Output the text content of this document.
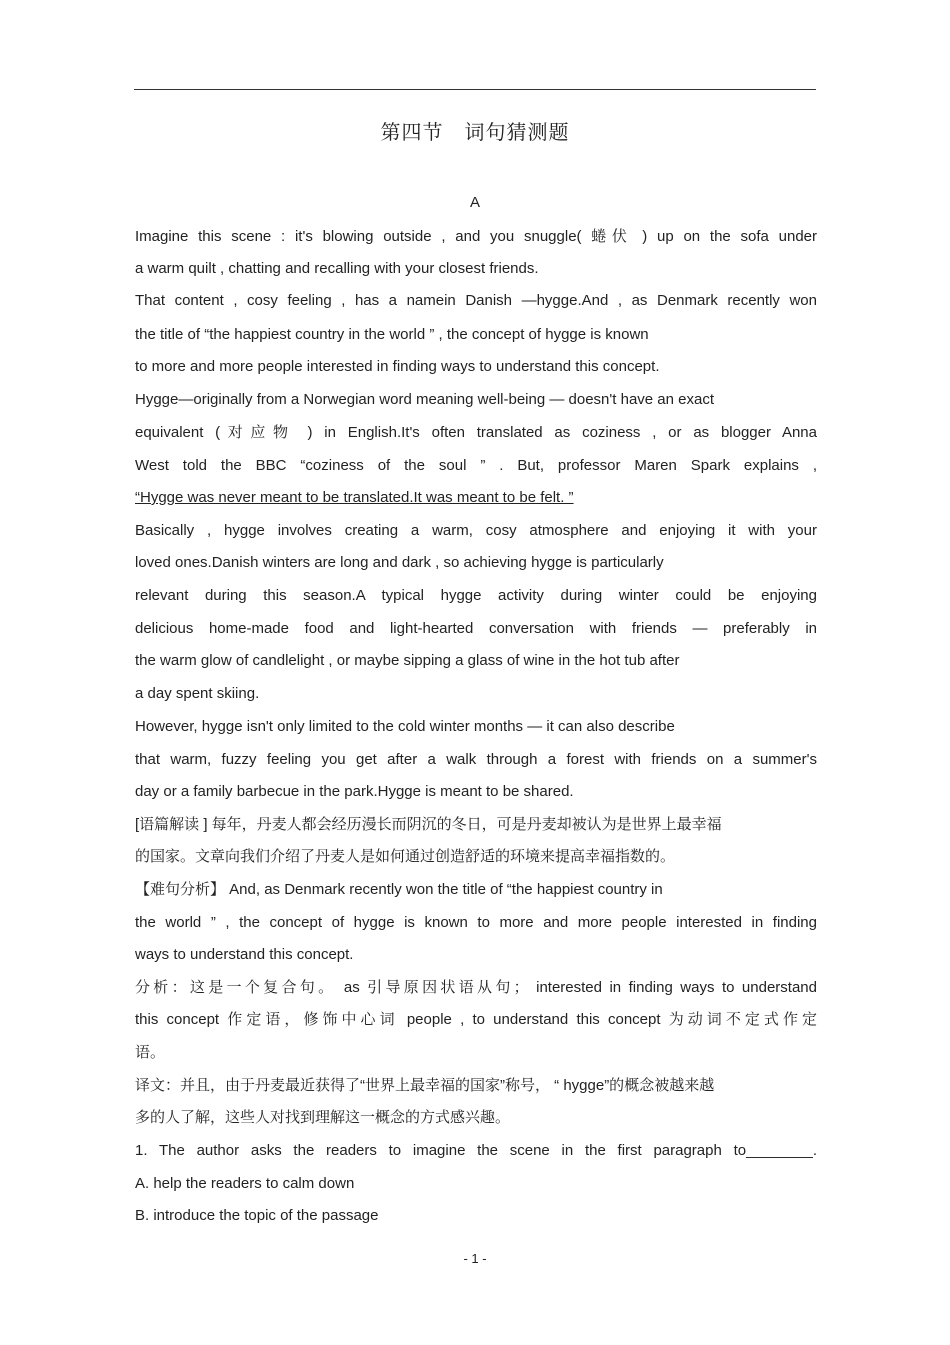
第四节　词句猜测题
A
Imagine this scene : it's blowing outside , and you snuggle( 蜷伏 ) up on the sofa under
a warm quilt , chatting and recalling with your closest friends.
That content , cosy feeling , has a namein Danish —hygge.And , as Denmark recently won
the title of “the happiest country in the world ” , the concept of hygge is known
to more and more people interested in finding ways to understand this concept.
Hygge—originally from a Norwegian word meaning well-being — doesn't have an exact
equivalent (对应物 ) in English.It's often translated as coziness , or as blogger Anna
West told the BBC “coziness of the soul ” . But, professor Maren Spark explains ,
“Hygge was never meant to be translated.It was meant to be felt. ”
Basically , hygge involves creating a warm, cosy atmosphere and enjoying it with your
loved ones.Danish winters are long and dark , so achieving hygge is particularly
relevant during this season.A typical hygge activity during winter could be enjoying
delicious home-made food and light-hearted conversation with friends — preferably in
the warm glow of candlelight , or maybe sipping a glass of wine in the hot tub after
a day spent skiing.
However, hygge isn't only limited to the cold winter months — it can also describe
that warm, fuzzy feeling you get after a walk through a forest with friends on a summer's
day or a family barbecue in the park.Hygge is meant to be shared.
[语篇解读 ] 每年，丹麦人都会经历漫长而阴沉的冬日，可是丹麦却被认为是世界上最幸福
的国家。文章向我们介绍了丹麦人是如何通过创造舒适的环境来提高幸福指数的。
【难句分析】 And, as Denmark recently won the title of “the happiest country in
the world ” , the concept of hygge is known to more and more people interested in finding
ways to understand this concept.
分析：这是一个复合句。 as 引导原因状语从句； interested in finding ways to understand
this concept 作定语，修饰中心词 people , to understand this concept 为动词不定式作定
语。
译文：并且，由于丹麦最近获得了“世界上最幸福的国家”称号， “ hygge”的概念被越来越
多的人了解，这些人对找到理解这一概念的方式感兴趣。
1. The author asks the readers to imagine the scene in the first paragraph to________.
A. help the readers to calm down
B. introduce the topic of the passage
- 1 -
